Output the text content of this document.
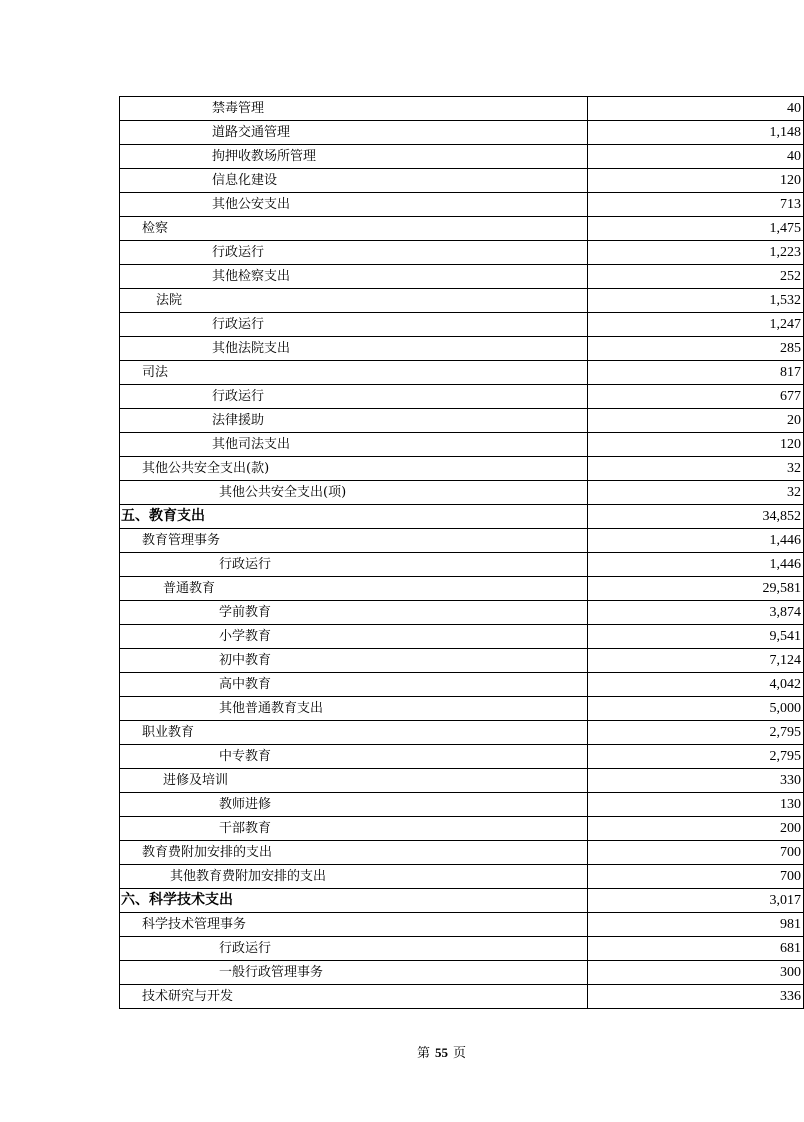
禁毒管理	40
道路交通管理	1,148
拘押收教场所管理	40
信息化建设	120
其他公安支出	713
检察	1,475
行政运行	1,223
其他检察支出	252
法院	1,532
行政运行	1,247
其他法院支出	285
司法	817
行政运行	677
法律援助	20
其他司法支出	120
其他公共安全支出(款)	32
其他公共安全支出(项)	32
五、教育支出	34,852
教育管理事务	1,446
行政运行	1,446
普通教育	29,581
学前教育	3,874
小学教育	9,541
初中教育	7,124
高中教育	4,042
其他普通教育支出	5,000
职业教育	2,795
中专教育	2,795
进修及培训	330
教师进修	130
干部教育	200
教育费附加安排的支出	700
其他教育费附加安排的支出	700
六、科学技术支出	3,017
科学技术管理事务	981
行政运行	681
一般行政管理事务	300
技术研究与开发	336
第 55 页
